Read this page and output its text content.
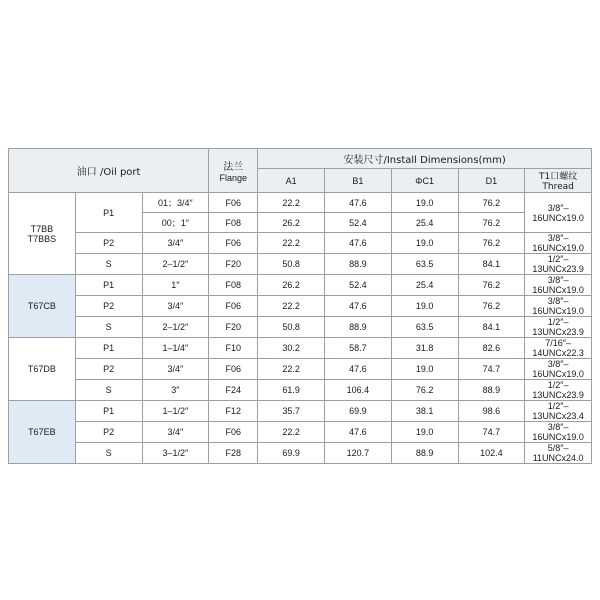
油口 /Oil port			法兰
Flange	安装尺寸/Install Dimensions(mm)				
				A1	B1	ΦC1	D1	T1口螺纹Thread

T7BB
T7BBS	P1	01；3/4″	F06	22.2	47.6	19.0	76.2	3/8″–16UNCx19.0
		00；1″	F08	26.2	52.4	25.4	76.2	
	P2	3/4″	F06	22.2	47.6	19.0	76.2	3/8″–16UNCx19.0
	S	2–1/2″	F20	50.8	88.9	63.5	84.1	1/2″–13UNCx23.9

T67CB	P1	1″	F08	26.2	52.4	25.4	76.2	3/8″–16UNCx19.0
	P2	3/4″	F06	22.2	47.6	19.0	76.2	3/8″–16UNCx19.0
	S	2–1/2″	F20	50.8	88.9	63.5	84.1	1/2″–13UNCx23.9

T67DB	P1	1–1/4″	F10	30.2	58.7	31.8	82.6	7/16″–14UNCx22.3
	P2	3/4″	F06	22.2	47.6	19.0	74.7	3/8″–16UNCx19.0
	S	3″	F24	61.9	106.4	76.2	88.9	1/2″–13UNCx23.9

T67EB	P1	1–1/2″	F12	35.7	69.9	38.1	98.6	1/2″–13UNCx23.4
	P2	3/4″	F06	22.2	47.6	19.0	74.7	3/8″–16UNCx19.0
	S	3–1/2″	F28	69.9	120.7	88.9	102.4	5/8″–11UNCx24.0
